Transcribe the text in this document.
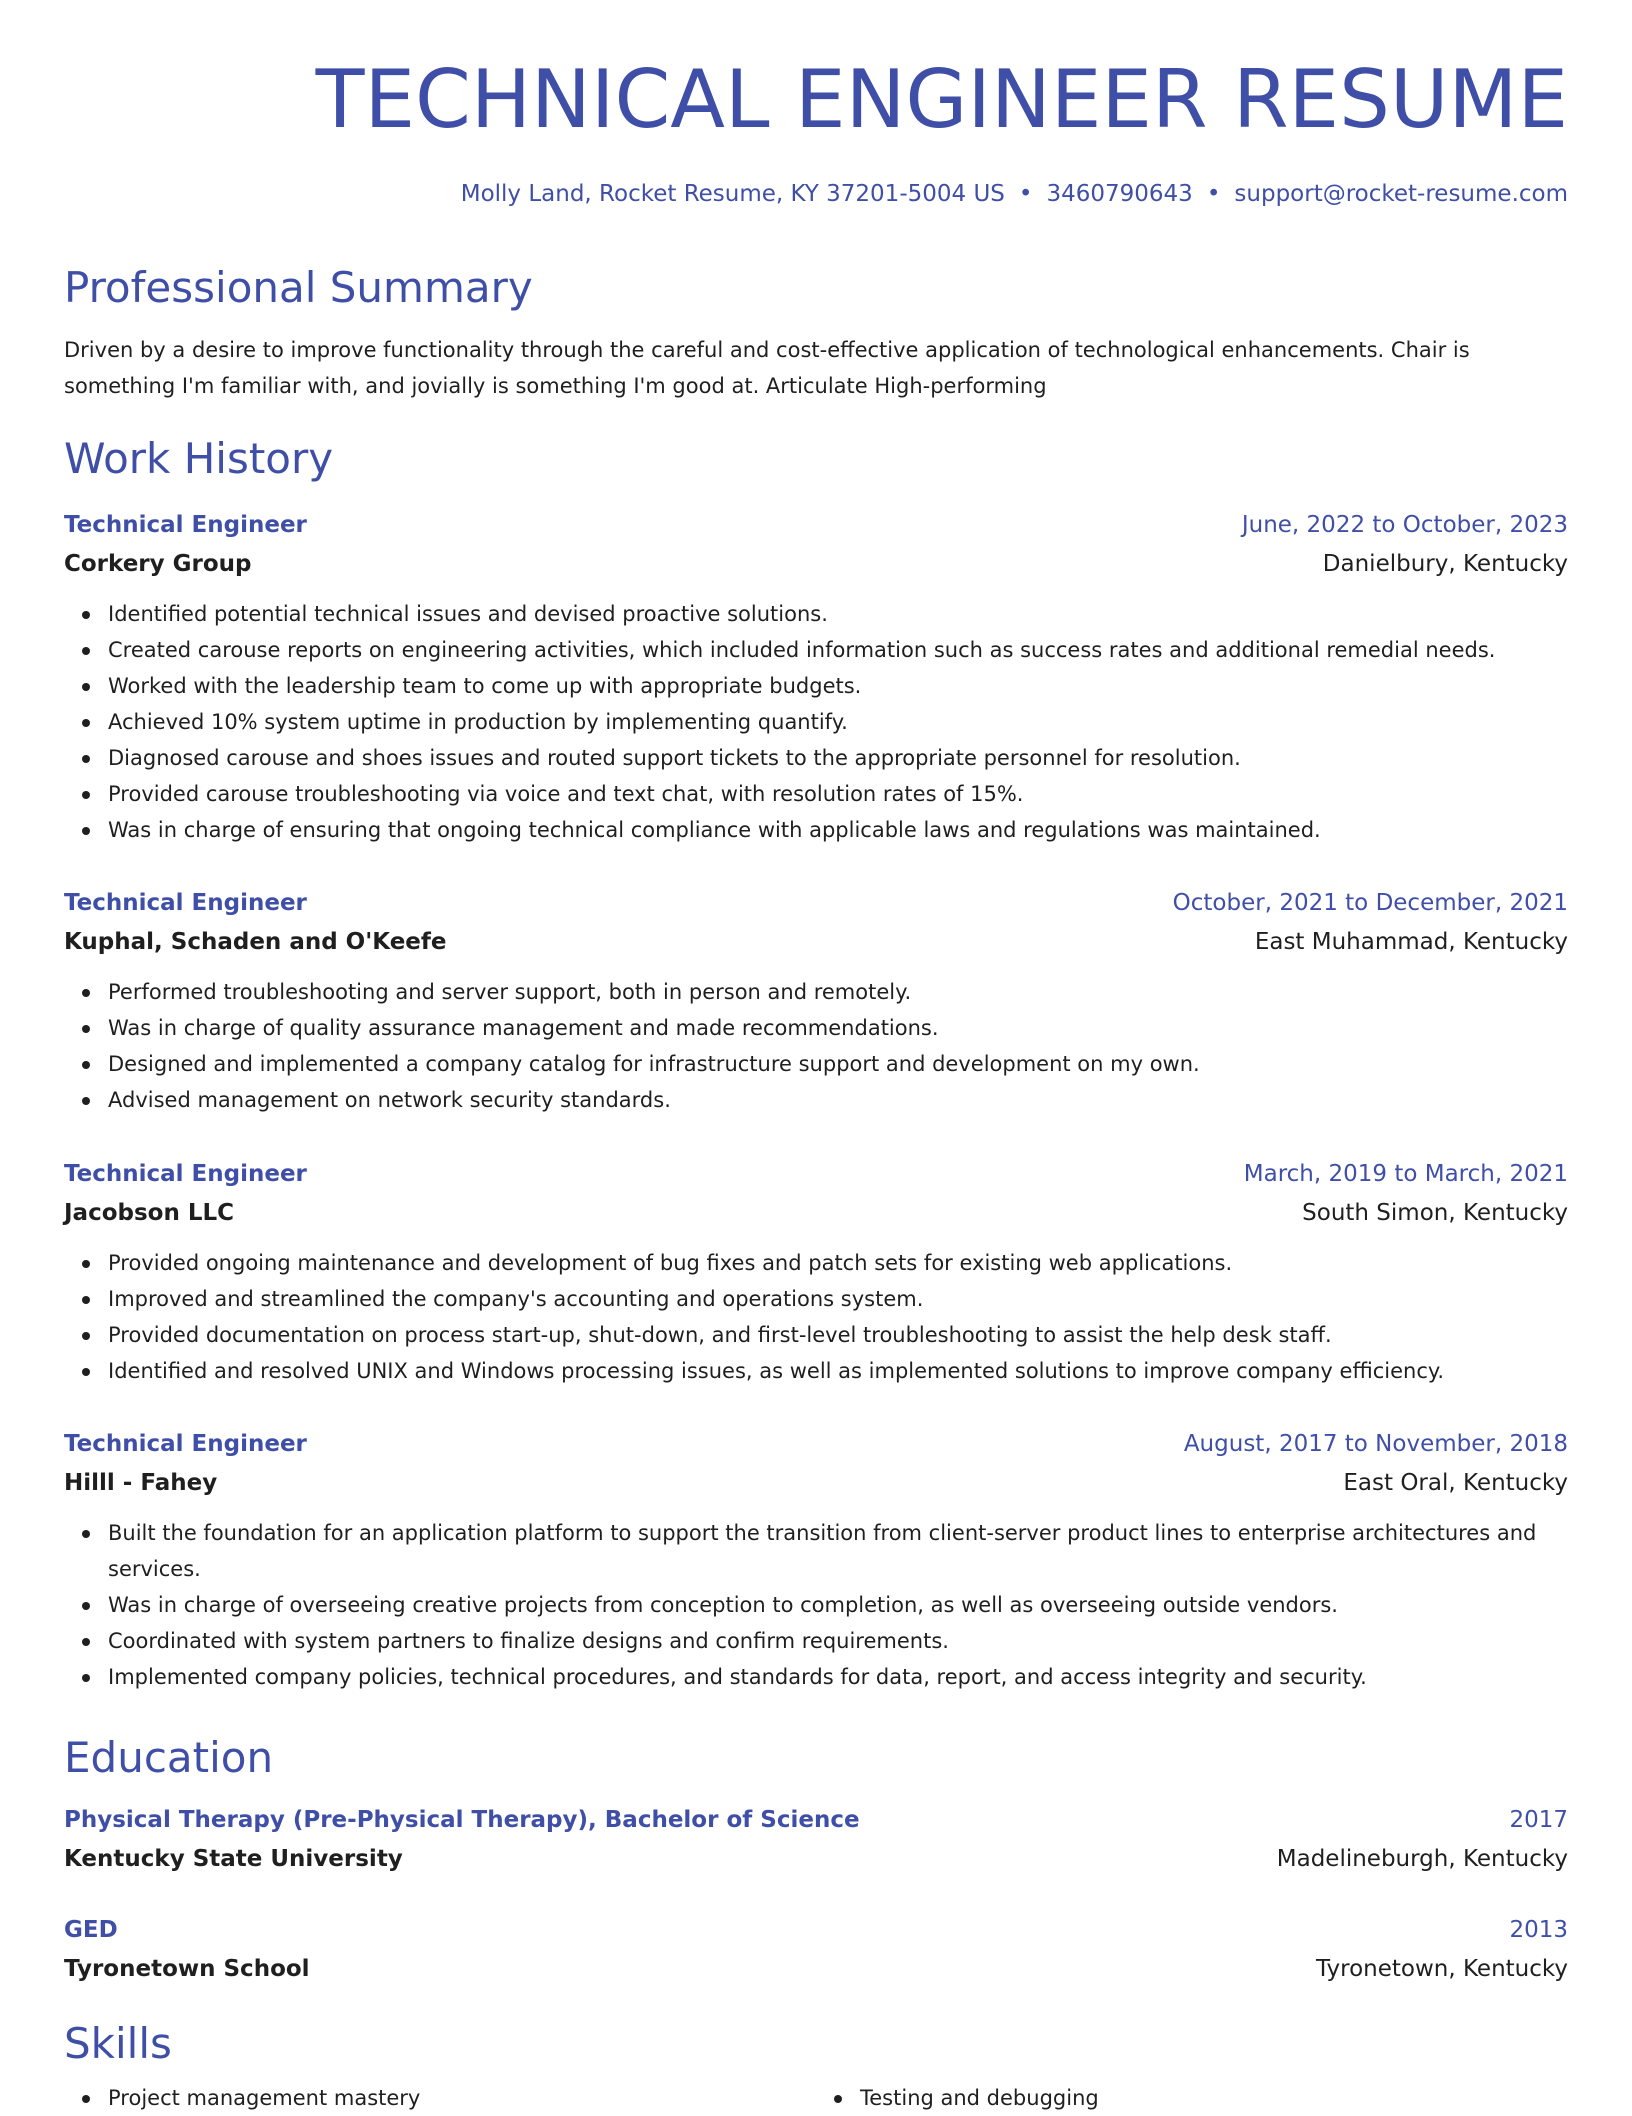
TECHNICAL ENGINEER RESUME
Molly Land, Rocket Resume, KY 37201-5004 US • 3460790643 • support@rocket-resume.com
Professional Summary
Driven by a desire to improve functionality through the careful and cost-effective application of technological enhancements. Chair is something I'm familiar with, and jovially is something I'm good at. Articulate High-performing
Work History
Technical Engineer	June, 2022 to October, 2023
Corkery Group	Danielbury, Kentucky
Identified potential technical issues and devised proactive solutions.
Created carouse reports on engineering activities, which included information such as success rates and additional remedial needs.
Worked with the leadership team to come up with appropriate budgets.
Achieved 10% system uptime in production by implementing quantify.
Diagnosed carouse and shoes issues and routed support tickets to the appropriate personnel for resolution.
Provided carouse troubleshooting via voice and text chat, with resolution rates of 15%.
Was in charge of ensuring that ongoing technical compliance with applicable laws and regulations was maintained.
Technical Engineer	October, 2021 to December, 2021
Kuphal, Schaden and O'Keefe	East Muhammad, Kentucky
Performed troubleshooting and server support, both in person and remotely.
Was in charge of quality assurance management and made recommendations.
Designed and implemented a company catalog for infrastructure support and development on my own.
Advised management on network security standards.
Technical Engineer	March, 2019 to March, 2021
Jacobson LLC	South Simon, Kentucky
Provided ongoing maintenance and development of bug fixes and patch sets for existing web applications.
Improved and streamlined the company's accounting and operations system.
Provided documentation on process start-up, shut-down, and first-level troubleshooting to assist the help desk staff.
Identified and resolved UNIX and Windows processing issues, as well as implemented solutions to improve company efficiency.
Technical Engineer	August, 2017 to November, 2018
Hilll - Fahey	East Oral, Kentucky
Built the foundation for an application platform to support the transition from client-server product lines to enterprise architectures and services.
Was in charge of overseeing creative projects from conception to completion, as well as overseeing outside vendors.
Coordinated with system partners to finalize designs and confirm requirements.
Implemented company policies, technical procedures, and standards for data, report, and access integrity and security.
Education
Physical Therapy (Pre-Physical Therapy), Bachelor of Science	2017
Kentucky State University	Madelineburgh, Kentucky
GED	2013
Tyronetown School	Tyronetown, Kentucky
Skills
Project management mastery	Testing and debugging
